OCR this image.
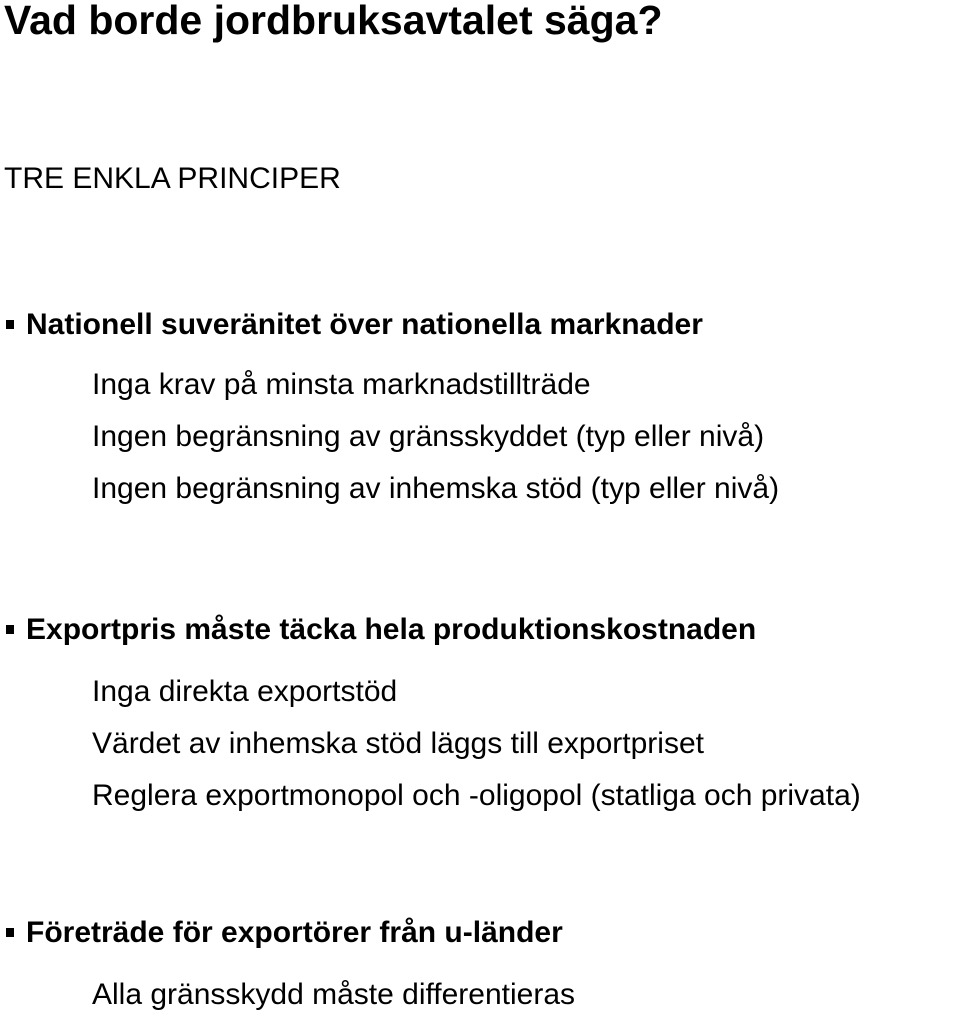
Vad borde jordbruksavtalet säga?
TRE ENKLA PRINCIPER
Nationell suveränitet över nationella marknader
Inga krav på minsta marknadstillträde
Ingen begränsning av gränsskyddet (typ eller nivå)
Ingen begränsning av inhemska stöd (typ eller nivå)
Exportpris måste täcka hela produktionskostnaden
Inga direkta exportstöd
Värdet av inhemska stöd läggs till exportpriset
Reglera exportmonopol och -oligopol (statliga och privata)
Företräde för exportörer från u-länder
Alla gränsskydd måste differentieras
